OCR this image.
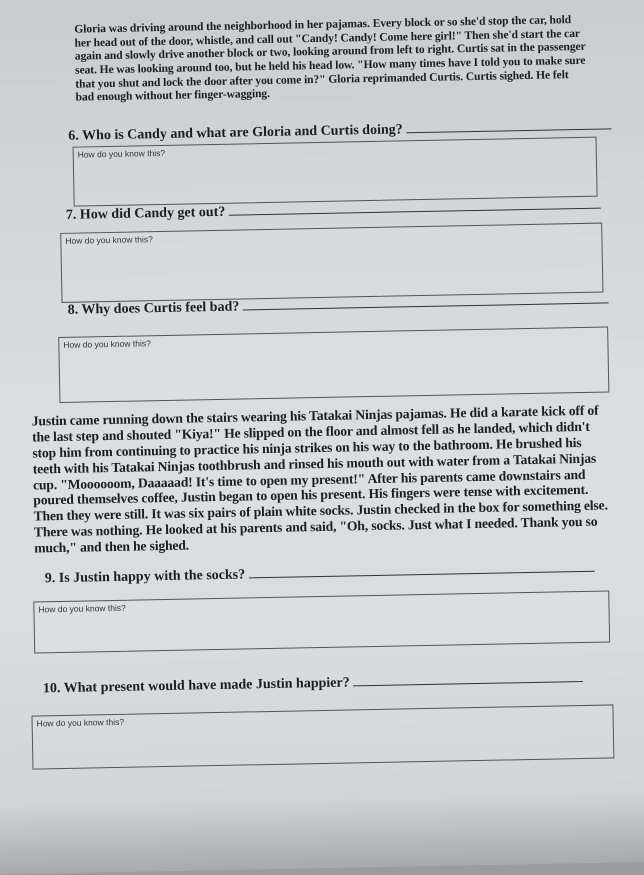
Gloria was driving around the neighborhood in her pajamas. Every block or so she'd stop the car, hold her head out of the door, whistle, and call out "Candy! Candy! Come here girl!" Then she'd start the car again and slowly drive another block or two, looking around from left to right. Curtis sat in the passenger seat. He was looking around too, but he held his head low. "How many times have I told you to make sure that you shut and lock the door after you come in?" Gloria reprimanded Curtis. Curtis sighed. He felt bad enough without her finger-wagging.

6. Who is Candy and what are Gloria and Curtis doing?
How do you know this?
7. How did Candy get out?
How do you know this?
8. Why does Curtis feel bad?
How do you know this?

Justin came running down the stairs wearing his Tatakai Ninjas pajamas. He did a karate kick off of the last step and shouted "Kiya!" He slipped on the floor and almost fell as he landed, which didn't stop him from continuing to practice his ninja strikes on his way to the bathroom. He brushed his teeth with his Tatakai Ninjas toothbrush and rinsed his mouth out with water from a Tatakai Ninjas cup. "Moooooom, Daaaaad! It's time to open my present!" After his parents came downstairs and poured themselves coffee, Justin began to open his present. His fingers were tense with excitement. Then they were still. It was six pairs of plain white socks. Justin checked in the box for something else. There was nothing. He looked at his parents and said, "Oh, socks. Just what I needed. Thank you so much," and then he sighed.

9. Is Justin happy with the socks?
How do you know this?
10. What present would have made Justin happier?
How do you know this?
